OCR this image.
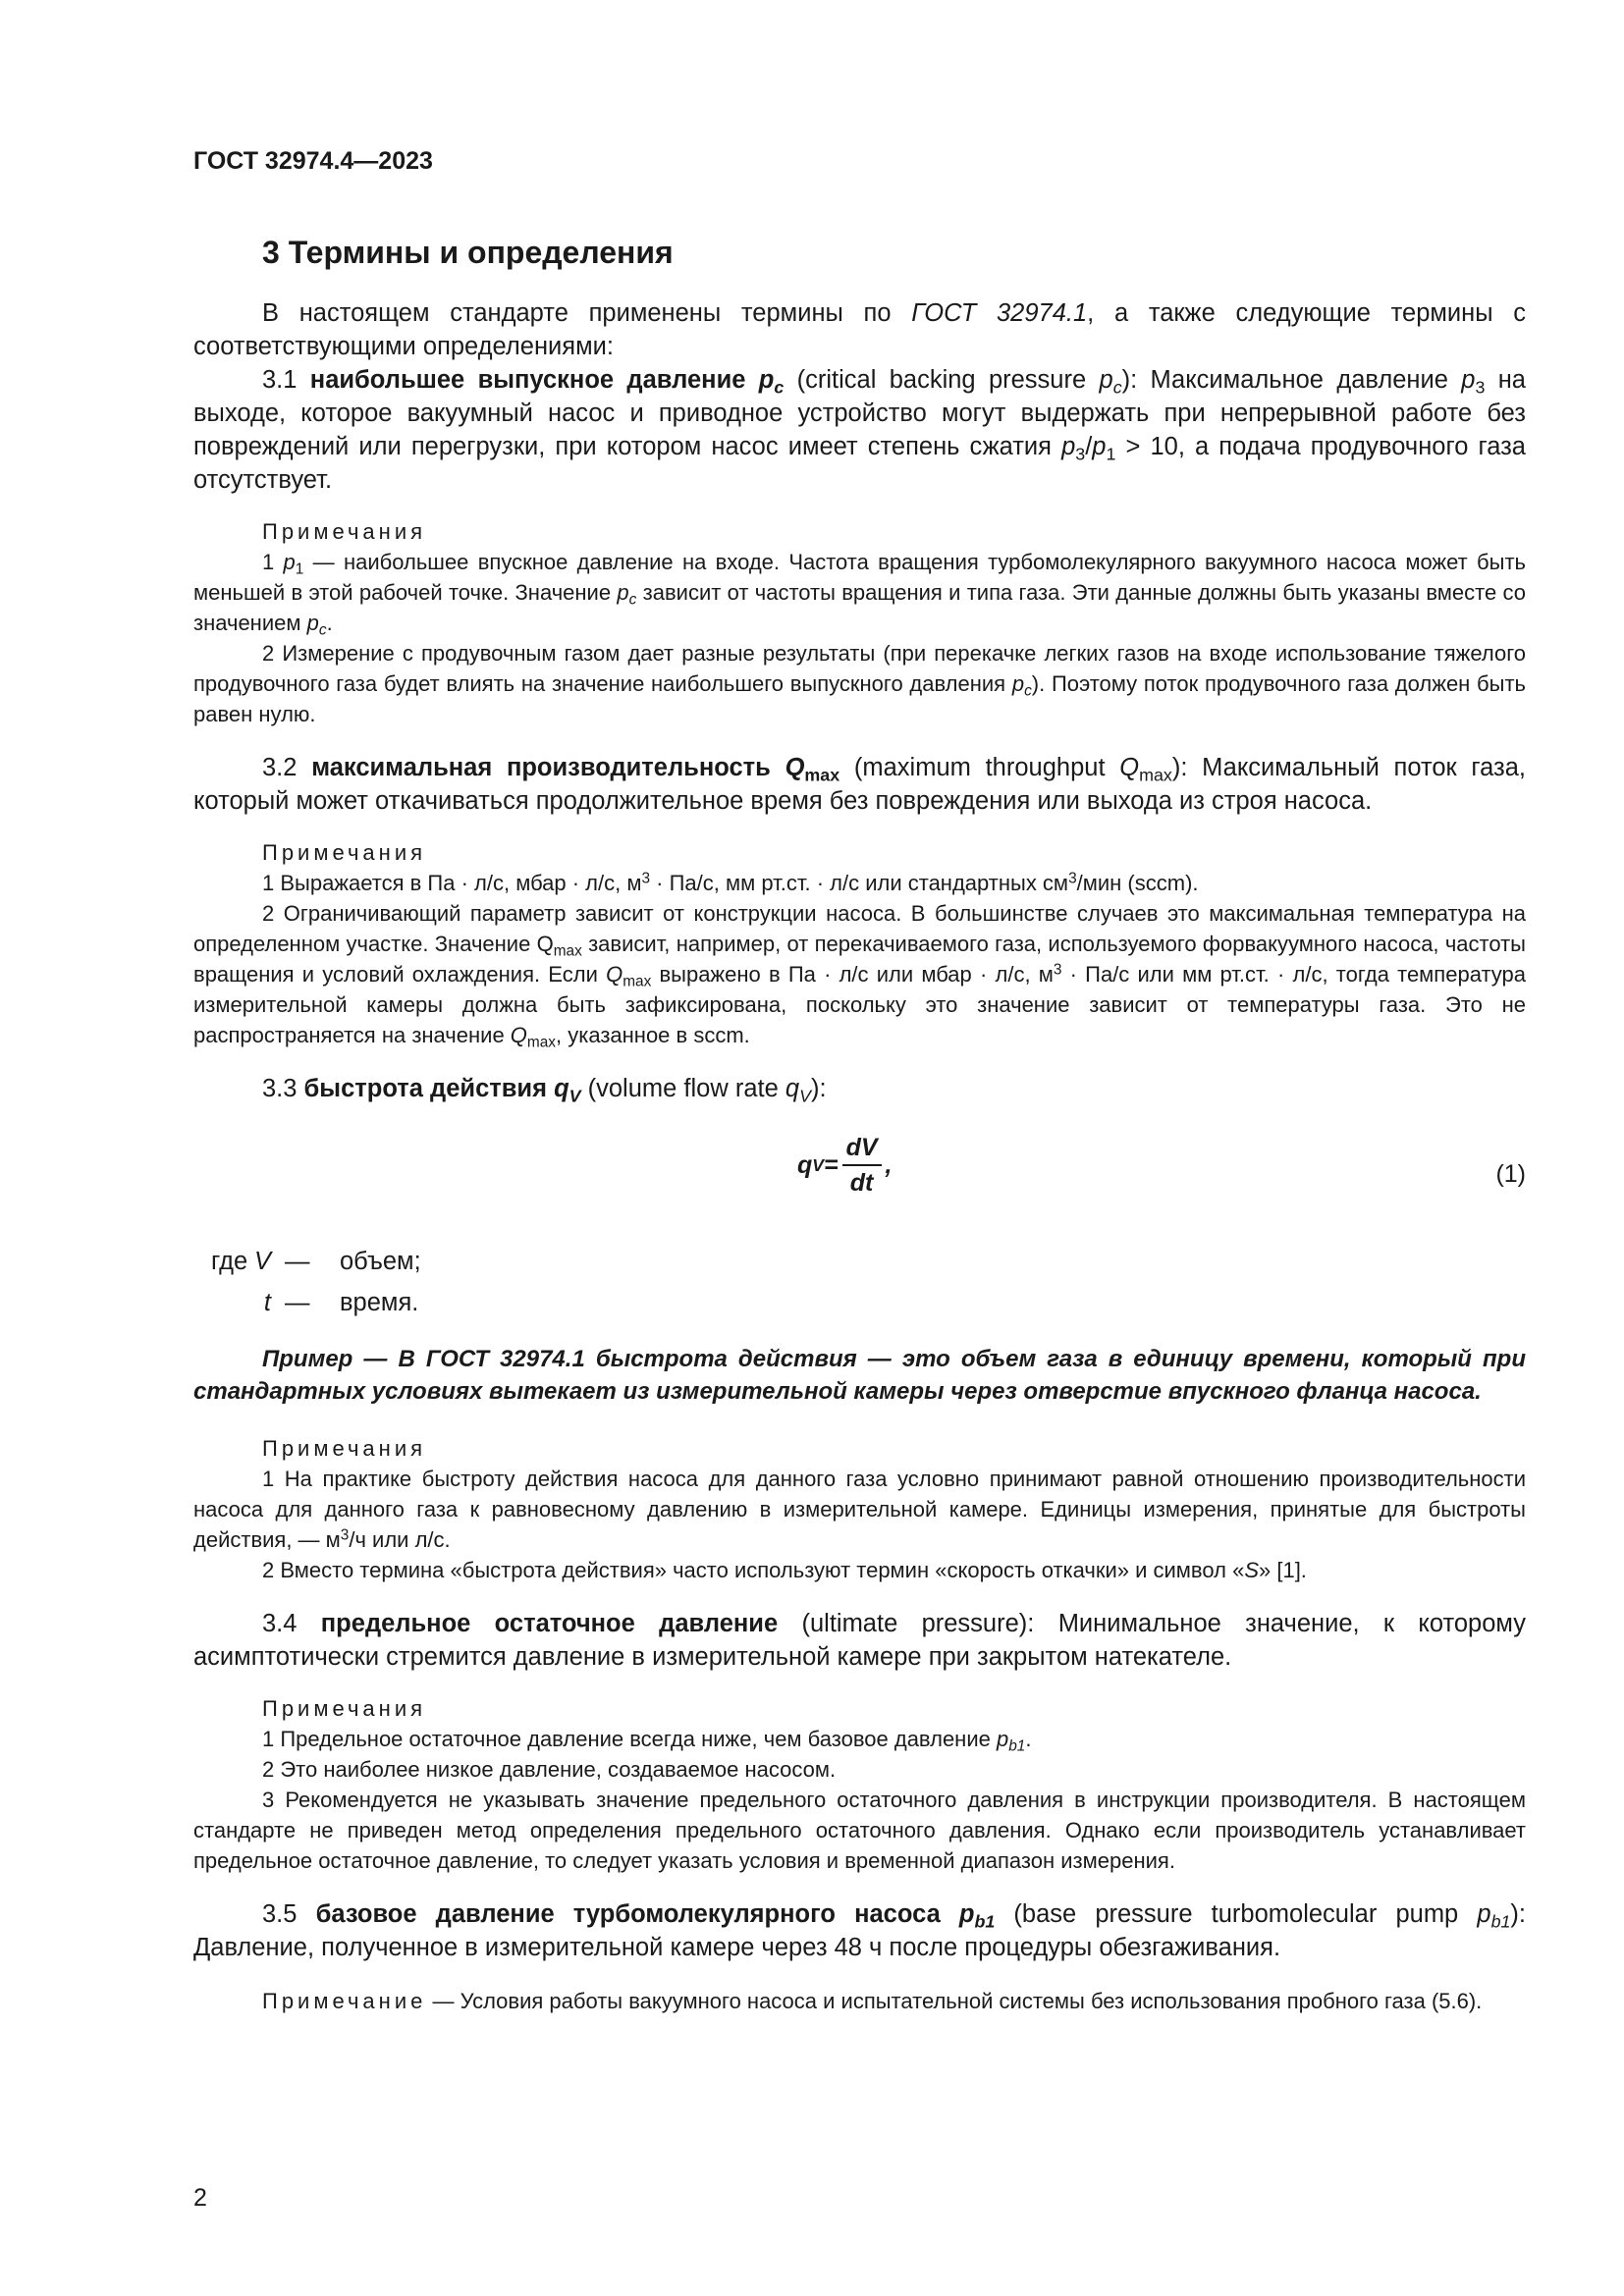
ГОСТ 32974.4—2023

3 Термины и определения

В настоящем стандарте применены термины по ГОСТ 32974.1, а также следующие термины с соответствующими определениями:

3.1 наибольшее выпускное давление $p_c$ (critical backing pressure $p_c$): Максимальное давление $p_3$ на выходе, которое вакуумный насос и приводное устройство могут выдержать при непрерывной работе без повреждений или перегрузки, при котором насос имеет степень сжатия $p_3/p_1 > 10$, а подача продувочного газа отсутствует.

Примечания

1 $p_1$ — наибольшее впускное давление на входе. Частота вращения турбомолекулярного вакуумного насоса может быть меньшей в этой рабочей точке. Значение $p_c$ зависит от частоты вращения и типа газа. Эти данные должны быть указаны вместе со значением $p_c$.

2 Измерение с продувочным газом дает разные результаты (при перекачке легких газов на входе использование тяжелого продувочного газа будет влиять на значение наибольшего выпускного давления $p_c$). Поэтому поток продувочного газа должен быть равен нулю.

3.2 максимальная производительность $Q_{max}$ (maximum throughput $Q_{max}$): Максимальный поток газа, который может откачиваться продолжительное время без повреждения или выхода из строя насоса.

Примечания

1 Выражается в Па · л/с, мбар · л/с, $м^3 \cdot Па/с$, мм рт.ст. · л/с или стандартных $см^3$/мин (sccm).

2 Ограничивающий параметр зависит от конструкции насоса. В большинстве случаев это максимальная температура на определенном участке. Значение $Q_{max}$ зависит, например, от перекачиваемого газа, используемого форвакуумного насоса, частоты вращения и условий охлаждения. Если $Q_{max}$ выражено в Па · л/с или мбар · л/с, $м^3 \cdot Па/с$ или мм рт.ст. · л/с, тогда температура измерительной камеры должна быть зафиксирована, поскольку это значение зависит от температуры газа. Это не распространяется на значение $Q_{max}$, указанное в sccm.

3.3 быстрота действия $q_V$ (volume flow rate $q_V$):

q $V = \frac{dV}{dt}$ ,	(1)
где V —	объем;
t —	время.

Пример — В ГОСТ 32974.1 быстрота действия — это объем газа в единицу времени, который при стандартных условиях вытекает из измерительной камеры через отверстие впускного фланца насоса.

Примечания

1 На практике быстроту действия насоса для данного газа условно принимают равной отношению производительности насоса для данного газа к равновесному давлению в измерительной камере. Единицы измерения, принятые для быстроты действия, — $м^3/ч$ или л/с.

2 Вместо термина «быстрота действия» часто используют термин «скорость откачки» и символ «S» [1].

3.4 предельное остаточное давление (ultimate pressure): Минимальное значение, к которому асимптотически стремится давление в измерительной камере при закрытом натекателе.

Примечания

1 Предельное остаточное давление всегда ниже, чем базовое давление $p_{b1}$.

2 Это наиболее низкое давление, создаваемое насосом.

3 Рекомендуется не указывать значение предельного остаточного давления в инструкции производителя. В настоящем стандарте не приведен метод определения предельного остаточного давления. Однако если производитель устанавливает предельное остаточное давление, то следует указать условия и временной диапазон измерения.

3.5 базовое давление турбомолекулярного насоса $p_{b1}$ (base pressure turbomolecular pump $p_{b1}$): Давление, полученное в измерительной камере через 48 ч после процедуры обезгаживания.

Примечание — Условия работы вакуумного насоса и испытательной системы без использования пробного газа (5.6).

2
